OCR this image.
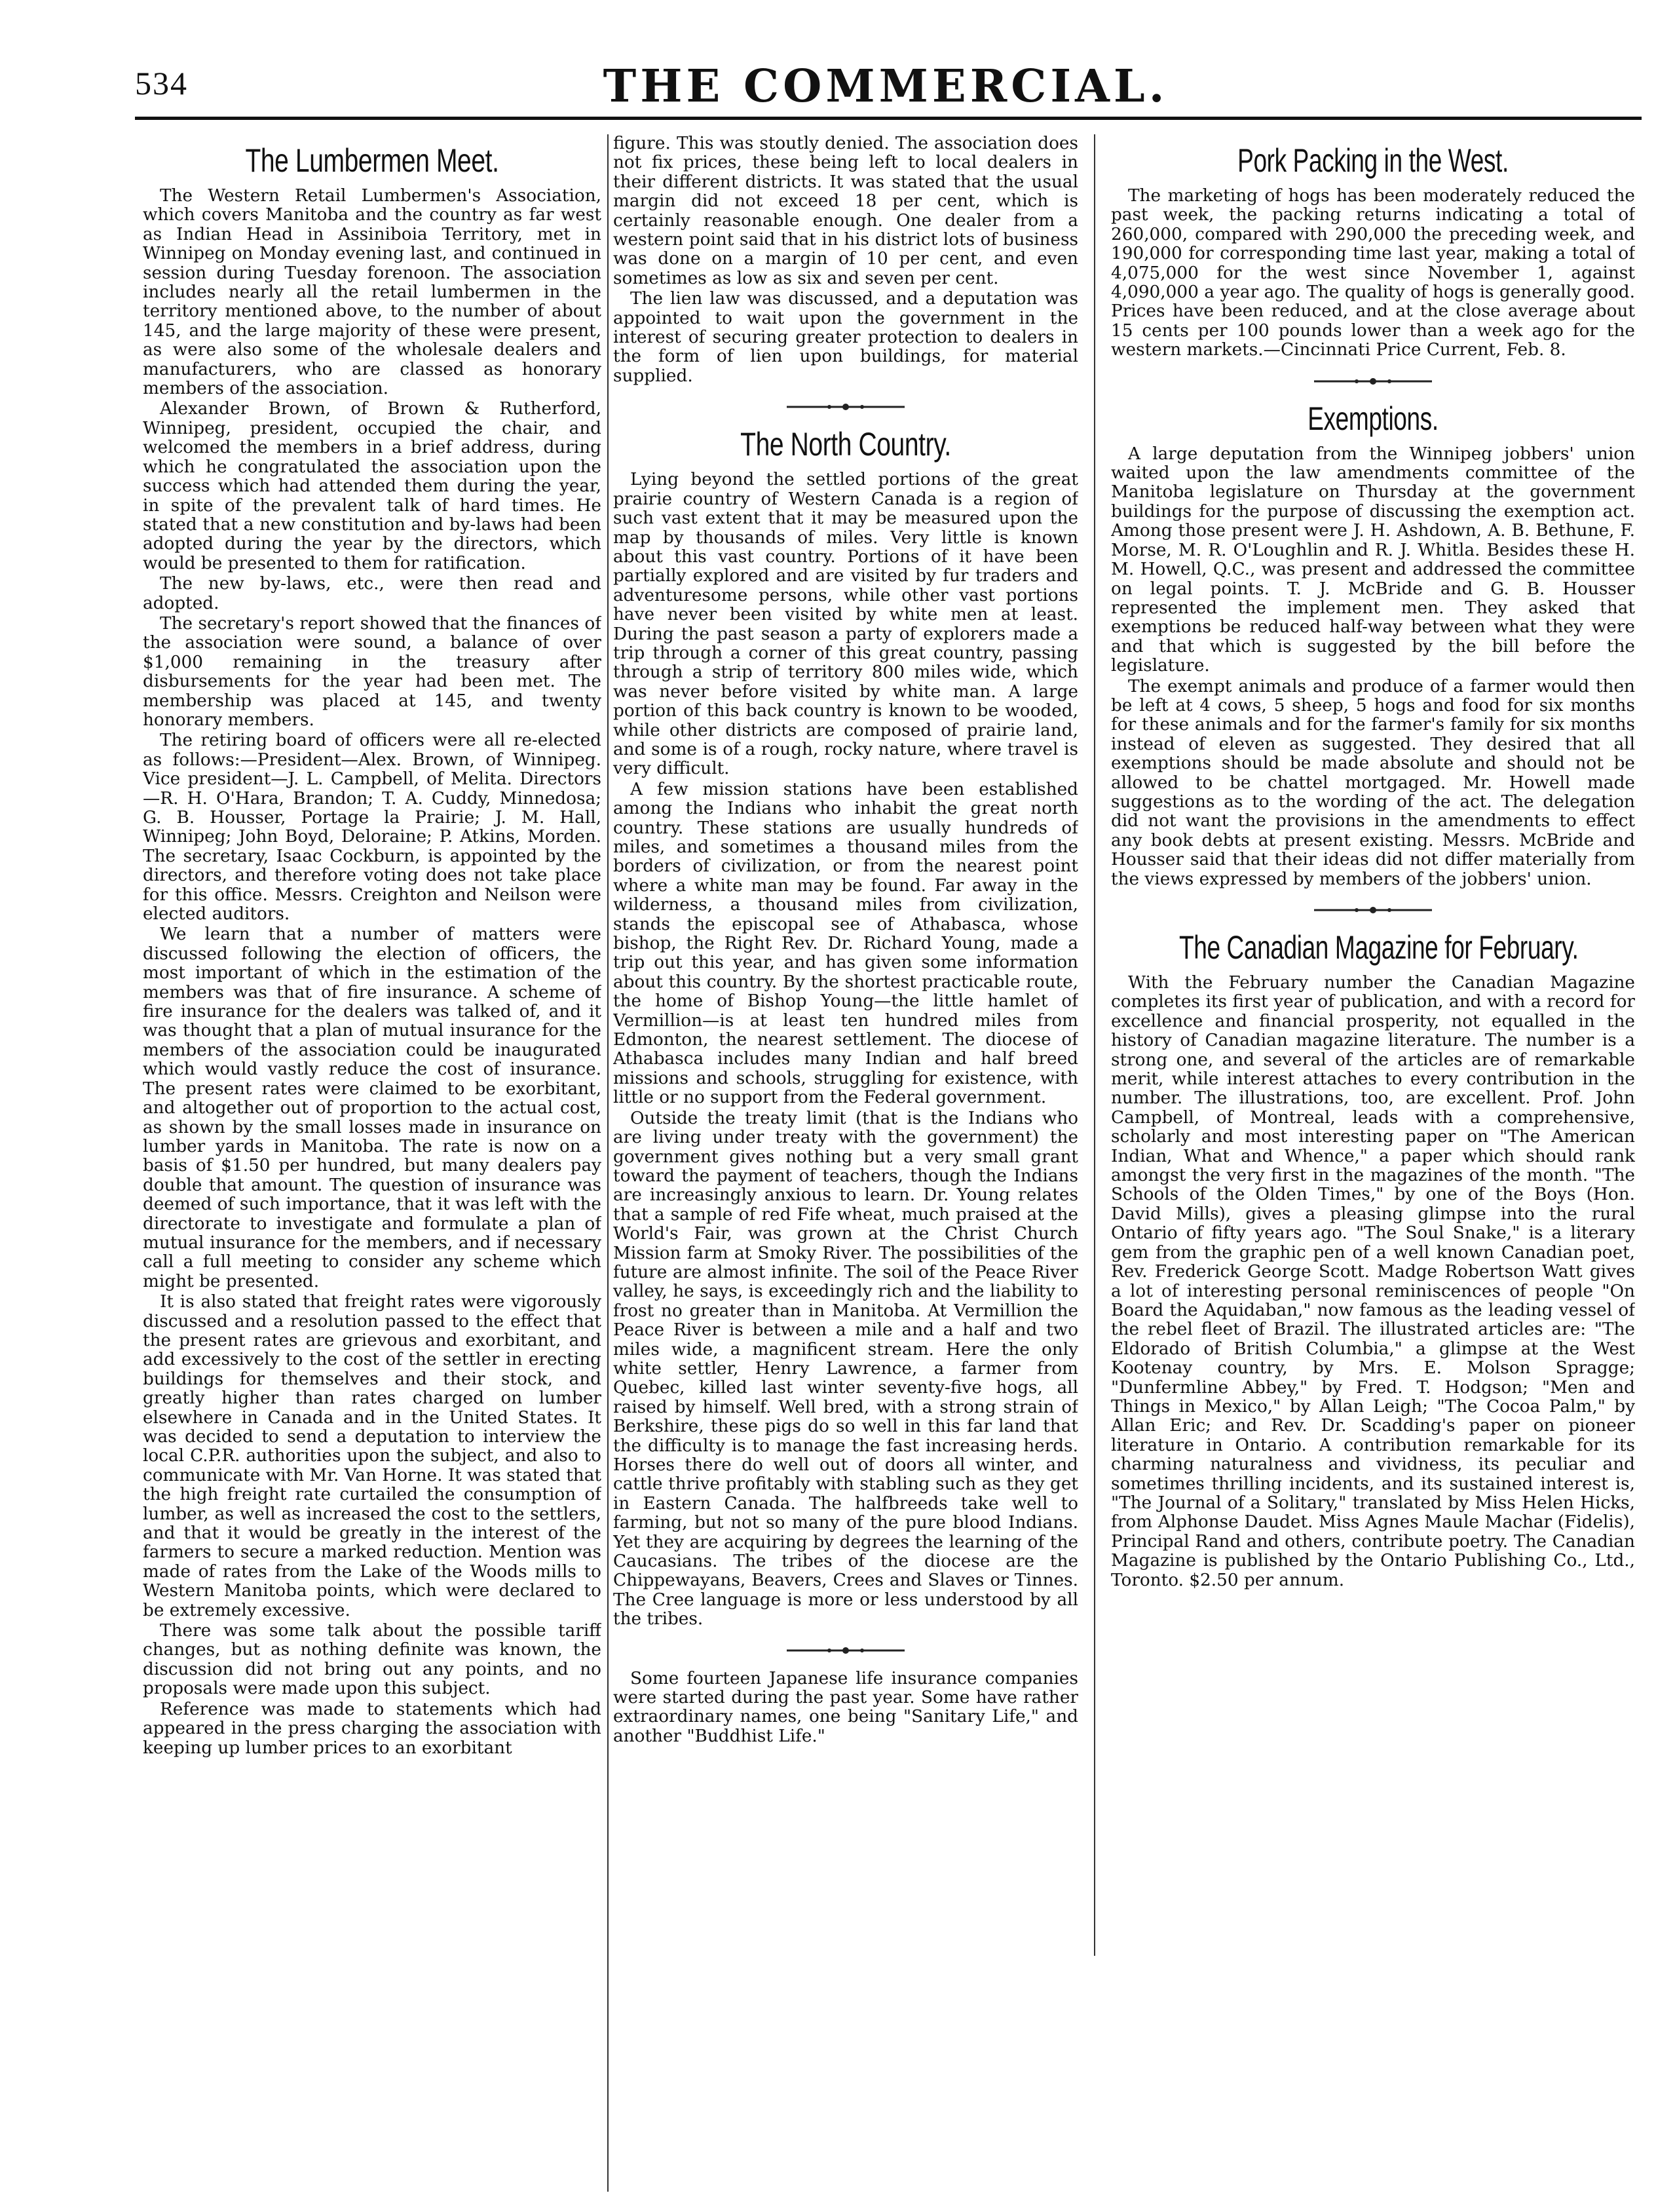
534	THE COMMERCIAL.
The Lumbermen Meet.

The Western Retail Lumbermen's Association, which covers Manitoba and the country as far west as Indian Head in Assiniboia Territory, met in Winnipeg on Monday evening last, and continued in session during Tuesday forenoon. The association includes nearly all the retail lumbermen in the territory mentioned above, to the number of about 145, and the large majority of these were present, as were also some of the wholesale dealers and manufacturers, who are classed as honorary members of the association.

Alexander Brown, of Brown & Rutherford, Winnipeg, president, occupied the chair, and welcomed the members in a brief address, during which he congratulated the association upon the success which had attended them during the year, in spite of the prevalent talk of hard times. He stated that a new constitution and by-laws had been adopted during the year by the directors, which would be presented to them for ratification.

The new by-laws, etc., were then read and adopted.

The secretary's report showed that the finances of the association were sound, a balance of over $1,000 remaining in the treasury after disbursements for the year had been met. The membership was placed at 145, and twenty honorary members.

The retiring board of officers were all re-elected as follows:—President—Alex. Brown, of Winnipeg. Vice president—J. L. Campbell, of Melita. Directors—R. H. O'Hara, Brandon; T. A. Cuddy, Minnedosa; G. B. Housser, Portage la Prairie; J. M. Hall, Winnipeg; John Boyd, Deloraine; P. Atkins, Morden. The secretary, Isaac Cockburn, is appointed by the directors, and therefore voting does not take place for this office. Messrs. Creighton and Neilson were elected auditors.

We learn that a number of matters were discussed following the election of officers, the most important of which in the estimation of the members was that of fire insurance. A scheme of fire insurance for the dealers was talked of, and it was thought that a plan of mutual insurance for the members of the association could be inaugurated which would vastly reduce the cost of insurance. The present rates were claimed to be exorbitant, and altogether out of proportion to the actual cost, as shown by the small losses made in insurance on lumber yards in Manitoba. The rate is now on a basis of $1.50 per hundred, but many dealers pay double that amount. The question of insurance was deemed of such importance, that it was left with the directorate to investigate and formulate a plan of mutual insurance for the members, and if necessary call a full meeting to consider any scheme which might be presented.

It is also stated that freight rates were vigorously discussed and a resolution passed to the effect that the present rates are grievous and exorbitant, and add excessively to the cost of the settler in erecting buildings for themselves and their stock, and greatly higher than rates charged on lumber elsewhere in Canada and in the United States. It was decided to send a deputation to interview the local C.P.R. authorities upon the subject, and also to communicate with Mr. Van Horne. It was stated that the high freight rate curtailed the consumption of lumber, as well as increased the cost to the settlers, and that it would be greatly in the interest of the farmers to secure a marked reduction. Mention was made of rates from the Lake of the Woods mills to Western Manitoba points, which were declared to be extremely excessive.

There was some talk about the possible tariff changes, but as nothing definite was known, the discussion did not bring out any points, and no proposals were made upon this subject.

Reference was made to statements which had appeared in the press charging the association with keeping up lumber prices to an exorbitant

figure. This was stoutly denied. The association does not fix prices, these being left to local dealers in their different districts. It was stated that the usual margin did not exceed 18 per cent, which is certainly reasonable enough. One dealer from a western point said that in his district lots of business was done on a margin of 10 per cent, and even sometimes as low as six and seven per cent.

The lien law was discussed, and a deputation was appointed to wait upon the government in the interest of securing greater protection to dealers in the form of lien upon buildings, for material supplied.

The North Country.

Lying beyond the settled portions of the great prairie country of Western Canada is a region of such vast extent that it may be measured upon the map by thousands of miles. Very little is known about this vast country. Portions of it have been partially explored and are visited by fur traders and adventuresome persons, while other vast portions have never been visited by white men at least. During the past season a party of explorers made a trip through a corner of this great country, passing through a strip of territory 800 miles wide, which was never before visited by white man. A large portion of this back country is known to be wooded, while other districts are composed of prairie land, and some is of a rough, rocky nature, where travel is very difficult.

A few mission stations have been established among the Indians who inhabit the great north country. These stations are usually hundreds of miles, and sometimes a thousand miles from the borders of civilization, or from the nearest point where a white man may be found. Far away in the wilderness, a thousand miles from civilization, stands the episcopal see of Athabasca, whose bishop, the Right Rev. Dr. Richard Young, made a trip out this year, and has given some information about this country. By the shortest practicable route, the home of Bishop Young—the little hamlet of Vermillion—is at least ten hundred miles from Edmonton, the nearest settlement. The diocese of Athabasca includes many Indian and half breed missions and schools, struggling for existence, with little or no support from the Federal government.

Outside the treaty limit (that is the Indians who are living under treaty with the government) the government gives nothing but a very small grant toward the payment of teachers, though the Indians are increasingly anxious to learn. Dr. Young relates that a sample of red Fife wheat, much praised at the World's Fair, was grown at the Christ Church Mission farm at Smoky River. The possibilities of the future are almost infinite. The soil of the Peace River valley, he says, is exceedingly rich and the liability to frost no greater than in Manitoba. At Vermillion the Peace River is between a mile and a half and two miles wide, a magnificent stream. Here the only white settler, Henry Lawrence, a farmer from Quebec, killed last winter seventy-five hogs, all raised by himself. Well bred, with a strong strain of Berkshire, these pigs do so well in this far land that the difficulty is to manage the fast increasing herds. Horses there do well out of doors all winter, and cattle thrive profitably with stabling such as they get in Eastern Canada. The halfbreeds take well to farming, but not so many of the pure blood Indians. Yet they are acquiring by degrees the learning of the Caucasians. The tribes of the diocese are the Chippewayans, Beavers, Crees and Slaves or Tinnes. The Cree language is more or less understood by all the tribes.

Some fourteen Japanese life insurance companies were started during the past year. Some have rather extraordinary names, one being "Sanitary Life," and another "Buddhist Life."

Pork Packing in the West.

The marketing of hogs has been moderately reduced the past week, the packing returns indicating a total of 260,000, compared with 290,000 the preceding week, and 190,000 for corresponding time last year, making a total of 4,075,000 for the west since November 1, against 4,090,000 a year ago. The quality of hogs is generally good. Prices have been reduced, and at the close average about 15 cents per 100 pounds lower than a week ago for the western markets.—Cincinnati Price Current, Feb. 8.

Exemptions.

A large deputation from the Winnipeg jobbers' union waited upon the law amendments committee of the Manitoba legislature on Thursday at the government buildings for the purpose of discussing the exemption act. Among those present were J. H. Ashdown, A. B. Bethune, F. Morse, M. R. O'Loughlin and R. J. Whitla. Besides these H. M. Howell, Q.C., was present and addressed the committee on legal points. T. J. McBride and G. B. Housser represented the implement men. They asked that exemptions be reduced half-way between what they were and that which is suggested by the bill before the legislature.

The exempt animals and produce of a farmer would then be left at 4 cows, 5 sheep, 5 hogs and food for six months for these animals and for the farmer's family for six months instead of eleven as suggested. They desired that all exemptions should be made absolute and should not be allowed to be chattel mortgaged. Mr. Howell made suggestions as to the wording of the act. The delegation did not want the provisions in the amendments to effect any book debts at present existing. Messrs. McBride and Housser said that their ideas did not differ materially from the views expressed by members of the jobbers' union.

The Canadian Magazine for February.

With the February number the Canadian Magazine completes its first year of publication, and with a record for excellence and financial prosperity, not equalled in the history of Canadian magazine literature. The number is a strong one, and several of the articles are of remarkable merit, while interest attaches to every contribution in the number. The illustrations, too, are excellent. Prof. John Campbell, of Montreal, leads with a comprehensive, scholarly and most interesting paper on "The American Indian, What and Whence," a paper which should rank amongst the very first in the magazines of the month. "The Schools of the Olden Times," by one of the Boys (Hon. David Mills), gives a pleasing glimpse into the rural Ontario of fifty years ago. "The Soul Snake," is a literary gem from the graphic pen of a well known Canadian poet, Rev. Frederick George Scott. Madge Robertson Watt gives a lot of interesting personal reminiscences of people "On Board the Aquidaban," now famous as the leading vessel of the rebel fleet of Brazil. The illustrated articles are: "The Eldorado of British Columbia," a glimpse at the West Kootenay country, by Mrs. E. Molson Spragge; "Dunfermline Abbey," by Fred. T. Hodgson; "Men and Things in Mexico," by Allan Leigh; "The Cocoa Palm," by Allan Eric; and Rev. Dr. Scadding's paper on pioneer literature in Ontario. A contribution remarkable for its charming naturalness and vividness, its peculiar and sometimes thrilling incidents, and its sustained interest is, "The Journal of a Solitary," translated by Miss Helen Hicks, from Alphonse Daudet. Miss Agnes Maule Machar (Fidelis), Principal Rand and others, contribute poetry. The Canadian Magazine is published by the Ontario Publishing Co., Ltd., Toronto. $2.50 per annum.
